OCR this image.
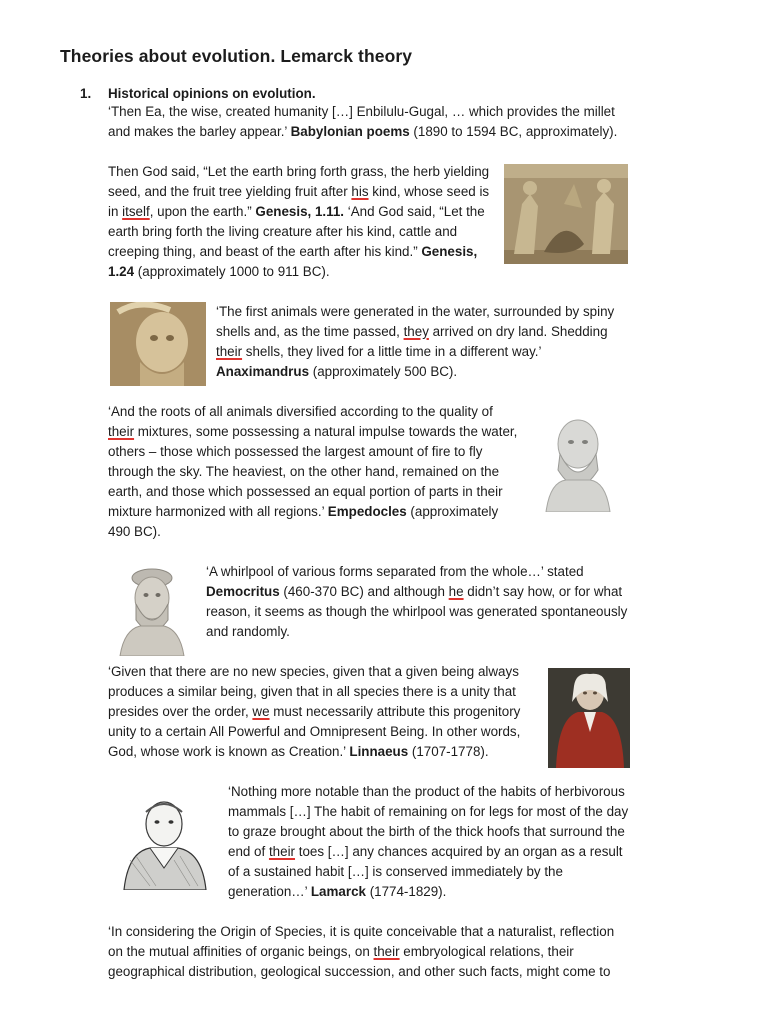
Theories about evolution. Lemarck theory
1. Historical opinions on evolution.

‘Then Ea, the wise, created humanity […] Enbilulu-Gugal, … which provides the millet and makes the barley appear.’ Babylonian poems (1890 to 1594 BC, approximately).

Then God said, “Let the earth bring forth grass, the herb yielding seed, and the fruit tree yielding fruit after his kind, whose seed is in itself, upon the earth.” Genesis, 1.11. ‘And God said, “Let the earth bring forth the living creature after his kind, cattle and creeping thing, and beast of the earth after his kind.” Genesis, 1.24 (approximately 1000 to 911 BC).

‘The first animals were generated in the water, surrounded by spiny shells and, as the time passed, they arrived on dry land. Shedding their shells, they lived for a little time in a different way.’ Anaximandrus (approximately 500 BC).

‘And the roots of all animals diversified according to the quality of their mixtures, some possessing a natural impulse towards the water, others – those which possessed the largest amount of fire to fly through the sky. The heaviest, on the other hand, remained on the earth, and those which possessed an equal portion of parts in their mixture harmonized with all regions.’ Empedocles (approximately 490 BC).

‘A whirlpool of various forms separated from the whole…’ stated Democritus (460-370 BC) and although he didn’t say how, or for what reason, it seems as though the whirlpool was generated spontaneously and randomly.

‘Given that there are no new species, given that a given being always produces a similar being, given that in all species there is a unity that presides over the order, we must necessarily attribute this progenitory unity to a certain All Powerful and Omnipresent Being. In other words, God, whose work is known as Creation.’ Linnaeus (1707-1778).

‘Nothing more notable than the product of the habits of herbivorous mammals […] The habit of remaining on for legs for most of the day to graze brought about the birth of the thick hoofs that surround the end of their toes […] any chances acquired by an organ as a result of a sustained habit […] is conserved immediately by the generation…’ Lamarck (1774-1829).

‘In considering the Origin of Species, it is quite conceivable that a naturalist, reflection on the mutual affinities of organic beings, on their embryological relations, their geographical distribution, geological succession, and other such facts, might come to
